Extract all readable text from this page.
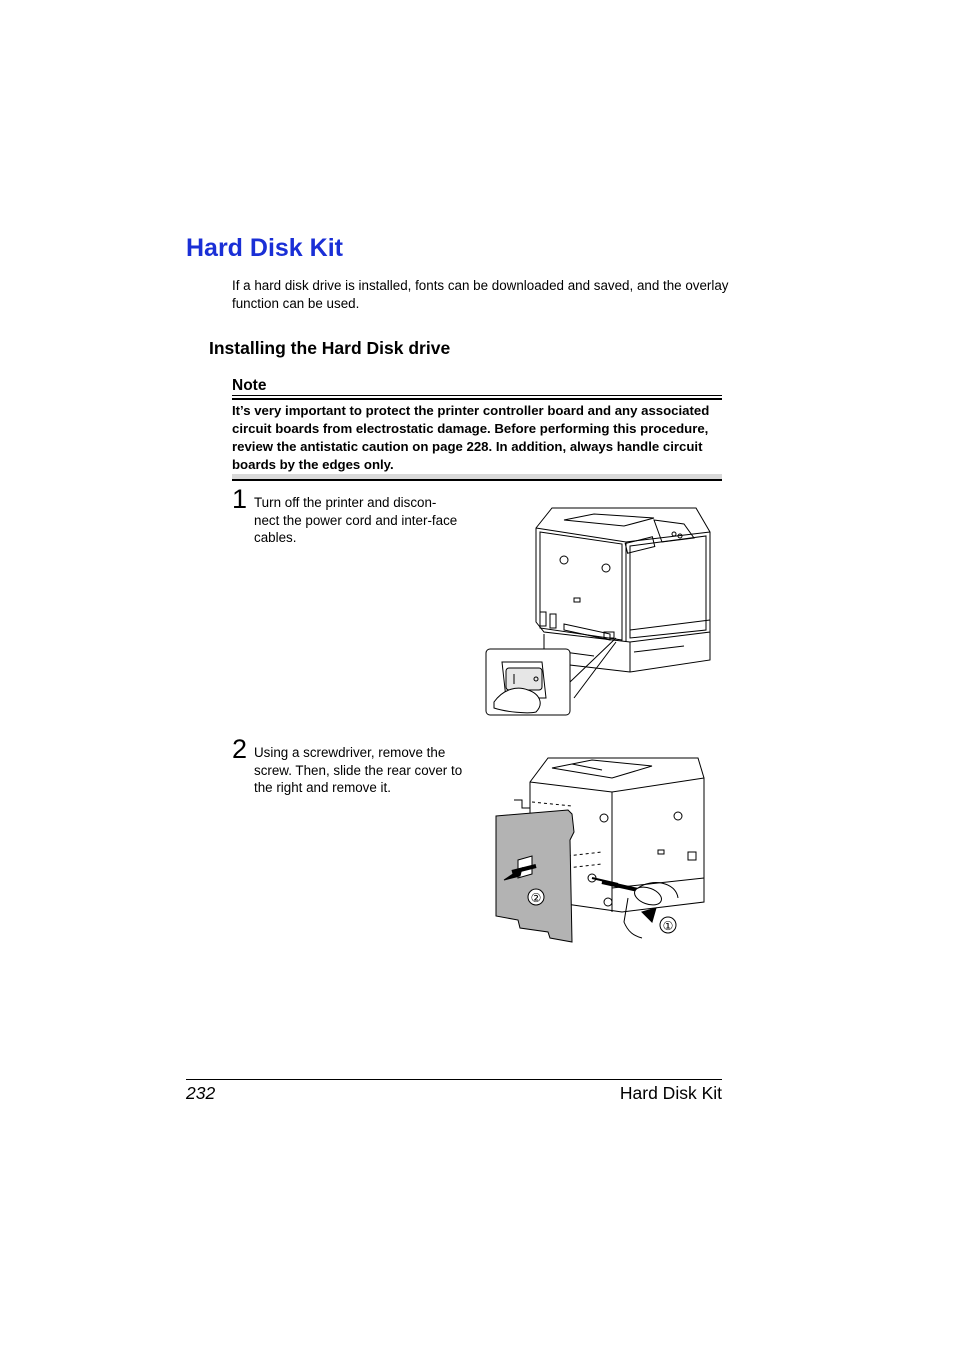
Hard Disk Kit
If a hard disk drive is installed, fonts can be downloaded and saved, and the overlay function can be used.
Installing the Hard Disk drive
Note
It’s very important to protect the printer controller board and any associated circuit boards from electrostatic damage. Before performing this procedure, review the antistatic caution on page 228. In addition, always handle circuit boards by the edges only.
1 Turn off the printer and discon-nect the power cord and inter-face cables.
2 Using a screwdriver, remove the screw. Then, slide the rear cover to the right and remove it.
②
①
232	Hard Disk Kit
